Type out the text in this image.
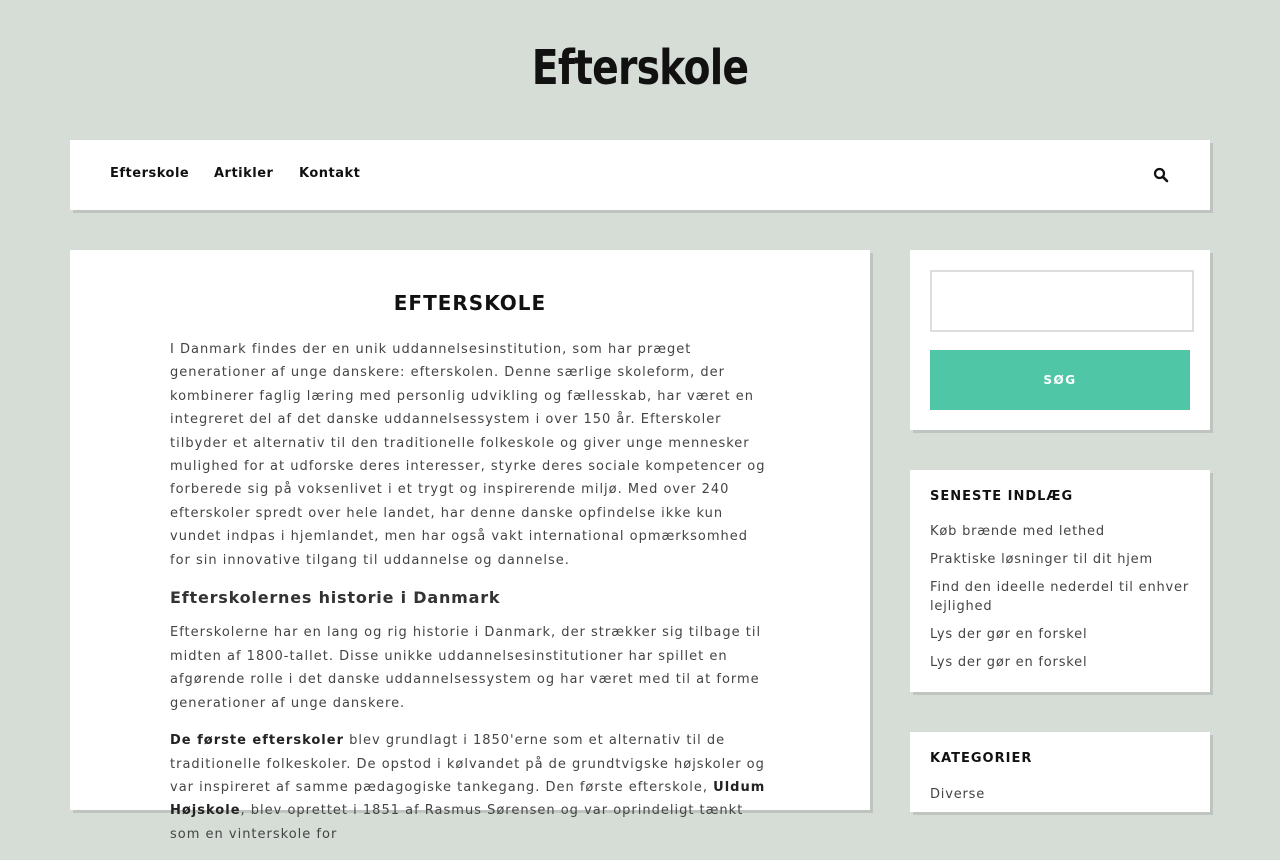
Efterskole
Efterskole Artikler Kontakt
EFTERSKOLE

I Danmark findes der en unik uddannelsesinstitution, som har præget generationer af unge danskere: efterskolen. Denne særlige skoleform, der kombinerer faglig læring med personlig udvikling og fællesskab, har været en integreret del af det danske uddannelsessystem i over 150 år. Efterskoler tilbyder et alternativ til den traditionelle folkeskole og giver unge mennesker mulighed for at udforske deres interesser, styrke deres sociale kompetencer og forberede sig på voksenlivet i et trygt og inspirerende miljø. Med over 240 efterskoler spredt over hele landet, har denne danske opfindelse ikke kun vundet indpas i hjemlandet, men har også vakt international opmærksomhed for sin innovative tilgang til uddannelse og dannelse.

Efterskolernes historie i Danmark

Efterskolerne har en lang og rig historie i Danmark, der strækker sig tilbage til midten af 1800-tallet. Disse unikke uddannelsesinstitutioner har spillet en afgørende rolle i det danske uddannelsessystem og har været med til at forme generationer af unge danskere.

De første efterskoler blev grundlagt i 1850'erne som et alternativ til de traditionelle folkeskoler. De opstod i kølvandet på de grundtvigske højskoler og var inspireret af samme pædagogiske tankegang. Den første efterskole, Uldum Højskole, blev oprettet i 1851 af Rasmus Sørensen og var oprindeligt tænkt som en vinterskole for

SØG
SENESTE INDLÆG
Køb brænde med lethed
Praktiske løsninger til dit hjem
Find den ideelle nederdel til enhver lejlighed
Lys der gør en forskel
Lys der gør en forskel
KATEGORIER
Diverse
